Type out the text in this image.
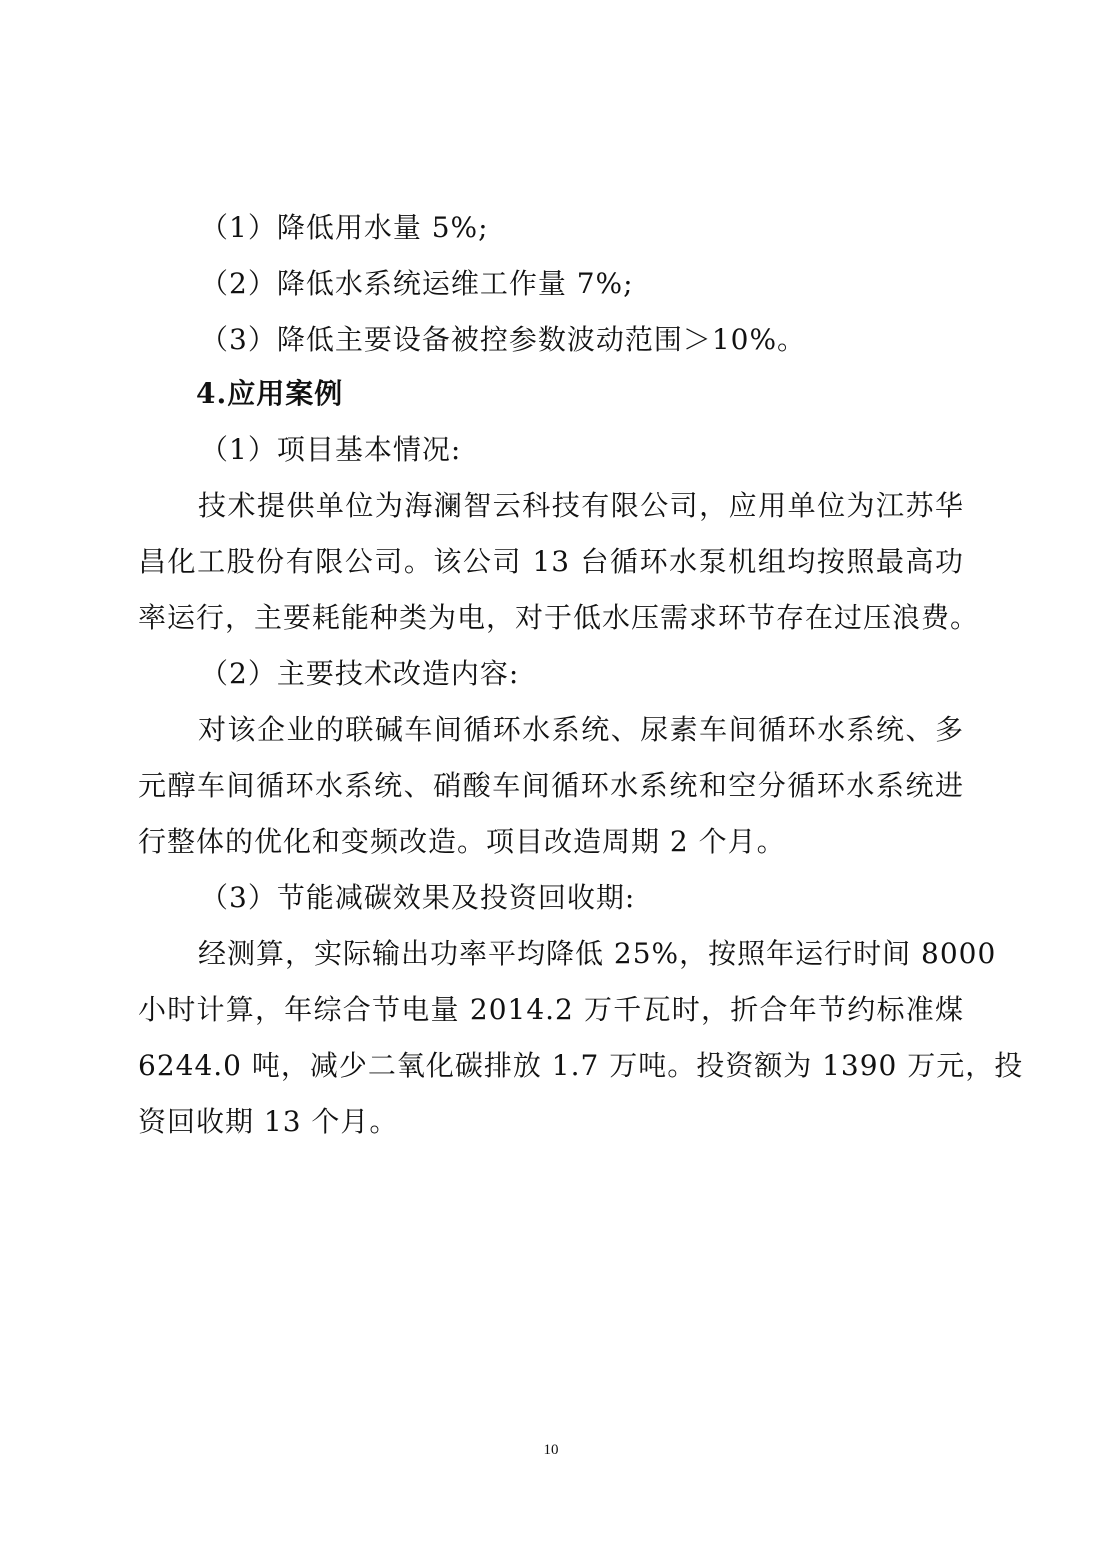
（1）降低用水量 5%;
（2）降低水系统运维工作量 7%;
（3）降低主要设备被控参数波动范围＞10%。
4.应用案例
（1）项目基本情况:
技术提供单位为海澜智云科技有限公司，应用单位为江苏华
昌化工股份有限公司。该公司 13 台循环水泵机组均按照最高功
率运行，主要耗能种类为电，对于低水压需求环节存在过压浪费。
（2）主要技术改造内容:
对该企业的联碱车间循环水系统、尿素车间循环水系统、多
元醇车间循环水系统、硝酸车间循环水系统和空分循环水系统进
行整体的优化和变频改造。项目改造周期 2 个月。
（3）节能减碳效果及投资回收期:
经测算，实际输出功率平均降低 25%，按照年运行时间 8000
小时计算，年综合节电量 2014.2 万千瓦时，折合年节约标准煤
6244.0 吨，减少二氧化碳排放 1.7 万吨。投资额为 1390 万元，投
资回收期 13 个月。
10
